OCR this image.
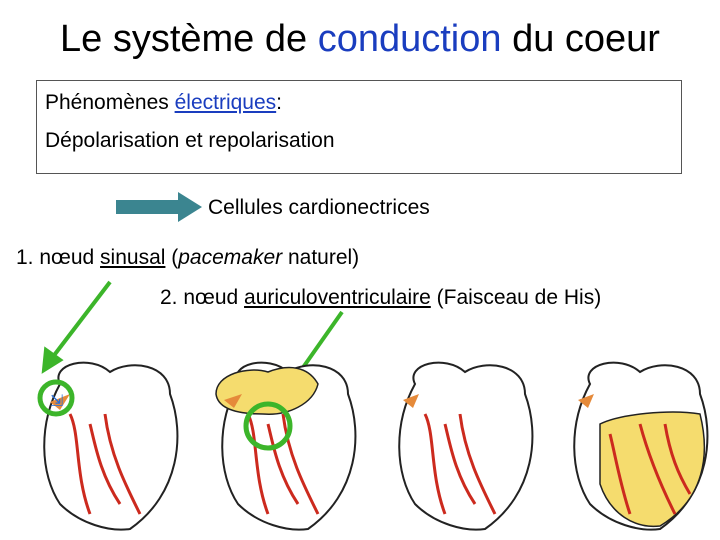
Le système de conduction du coeur
Phénomènes électriques:
Dépolarisation et repolarisation
Cellules cardionectrices
1. nœud sinusal (pacemaker naturel)
2. nœud auriculoventriculaire (Faisceau de His)
⇲
